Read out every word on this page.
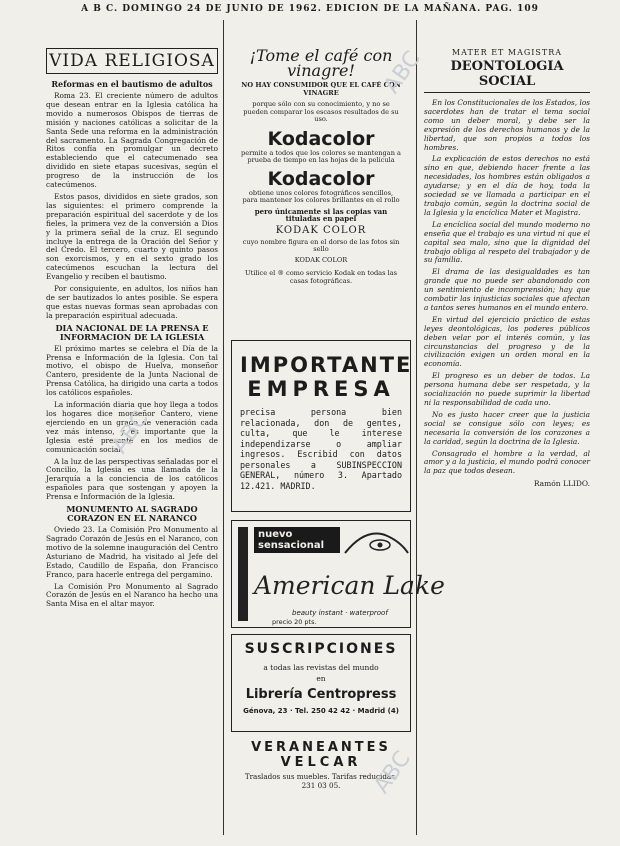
A B C. DOMINGO 24 DE JUNIO DE 1962. EDICION DE LA MAÑANA. PAG. 109
VIDA RELIGIOSA
Reformas en el bautismo de adultos

Roma 23. El creciente número de adultos que desean entrar en la Iglesia católica ha movido a numerosos Obispos de tierras de misión y naciones católicas a solicitar de la Santa Sede una reforma en la administración del sacramento. La Sagrada Congregación de Ritos confía en promulgar un decreto estableciendo que el catecumenado sea dividido en siete etapas sucesivas, según el progreso de la instrucción de los catecúmenos.

Estos pasos, divididos en siete grados, son las siguientes: el primero comprende la preparación espiritual del sacerdote y de los fieles, la primera vez de la conversión a Dios y la primera señal de la cruz. El segundo incluye la entrega de la Oración del Señor y del Credo. El tercero, cuarto y quinto pasos son exorcismos, y en el sexto grado los catecúmenos escuchan la lectura del Evangelio y reciben el bautismo.

Por consiguiente, en adultos, los niños han de ser bautizados lo antes posible. Se espera que estas nuevas formas sean aprobadas con la preparación espiritual adecuada.

DIA NACIONAL DE LA PRENSA E INFORMACION DE LA IGLESIA

El próximo martes se celebra el Día de la Prensa e Información de la Iglesia. Con tal motivo, el obispo de Huelva, monseñor Cantero, presidente de la Junta Nacional de Prensa Católica, ha dirigido una carta a todos los católicos españoles.

La información diaria que hoy llega a todos los hogares dice monseñor Cantero, viene ejerciendo en un grado de veneración cada vez más intenso, y es importante que la Iglesia esté presente en los medios de comunicación social.

A la luz de las perspectivas señaladas por el Concilio, la Iglesia es una llamada de la Jerarquía a la conciencia de los católicos españoles para que sostengan y apoyen la Prensa e Información de la Iglesia.

MONUMENTO AL SAGRADO CORAZON EN EL NARANCO

Oviedo 23. La Comisión Pro Monumento al Sagrado Corazón de Jesús en el Naranco, con motivo de la solemne inauguración del Centro Asturiano de Madrid, ha visitado al Jefe del Estado, Caudillo de España, don Francisco Franco, para hacerle entrega del pergamino.

La Comisión Pro Monumento al Sagrado Corazón de Jesús en el Naranco ha hecho una Santa Misa en el altar mayor.

¡Tome el café con vinagre!
NO HAY CONSUMIDOR QUE EL CAFÉ CON VINAGRE
porque sólo con su conocimiento, y no se pueden comparar los escasos resultados de su uso.
Kodacolor
permite a todos que los colores se mantengan a prueba de tiempo en las hojas de la película
Kodacolor
obtiene unos colores fotográficos sencillos, para mantener los colores brillantes en el rollo
pero únicamente si las copias van tituladas en papel
KODAK COLOR
cuyo nombre figura en el dorso de las fotos sin sello
KODAK COLOR
Utilice el ® como servicio Kodak en todas las casas fotográficas.
IMPORTANTE
EMPRESA
precisa persona bien relacionada, don de gentes, culta, que le interese independizarse o ampliar ingresos. Escribid con datos personales a SUBINSPECCION GENERAL, número 3. Apartado 12.421. MADRID.
nuevo
sensacional
American Lake
beauty instant · waterproof
precio 20 pts.
SUSCRIPCIONES
a todas las revistas del mundo
en
Librería Centropress
Génova, 23 · Tel. 250 42 42 · Madrid (4)
VERANEANTES
VELCAR
Traslados sus muebles. Tarifas reducidas.
231 03 05.
MATER ET MAGISTRA
DEONTOLOGIA SOCIAL

En los Constitucionales de los Estados, los sacerdotes han de tratar el tema social como un deber moral, y debe ser la expresión de los derechos humanos y de la libertad, que son propios a todos los hombres.

La explicación de estos derechos no está sino en que, debiendo hacer frente a las necesidades, los hombres están obligados a ayudarse; y en el día de hoy, toda la sociedad se ve llamada a participar en el trabajo común, según la doctrina social de la Iglesia y la encíclica Mater et Magistra.

La encíclica social del mundo moderno no enseña que el trabajo es una virtud ni que el capital sea malo, sino que la dignidad del trabajo obliga al respeto del trabajador y de su familia.

El drama de las desigualdades es tan grande que no puede ser abandonado con un sentimiento de incomprensión; hay que combatir las injusticias sociales que afectan a tantos seres humanos en el mundo entero.

En virtud del ejercicio práctico de estas leyes deontológicas, los poderes públicos deben velar por el interés común, y las circunstancias del progreso y de la civilización exigen un orden moral en la economía.

El progreso es un deber de todos. La persona humana debe ser respetada, y la socialización no puede suprimir la libertad ni la responsabilidad de cada uno.

No es justo hacer creer que la justicia social se consigue sólo con leyes; es necesaria la conversión de los corazones a la caridad, según la doctrina de la Iglesia.

Consagrado el hombre a la verdad, al amor y a la justicia, el mundo podrá conocer la paz que todos desean.

Ramón LLIDO.
ABC
ABC
ABC
